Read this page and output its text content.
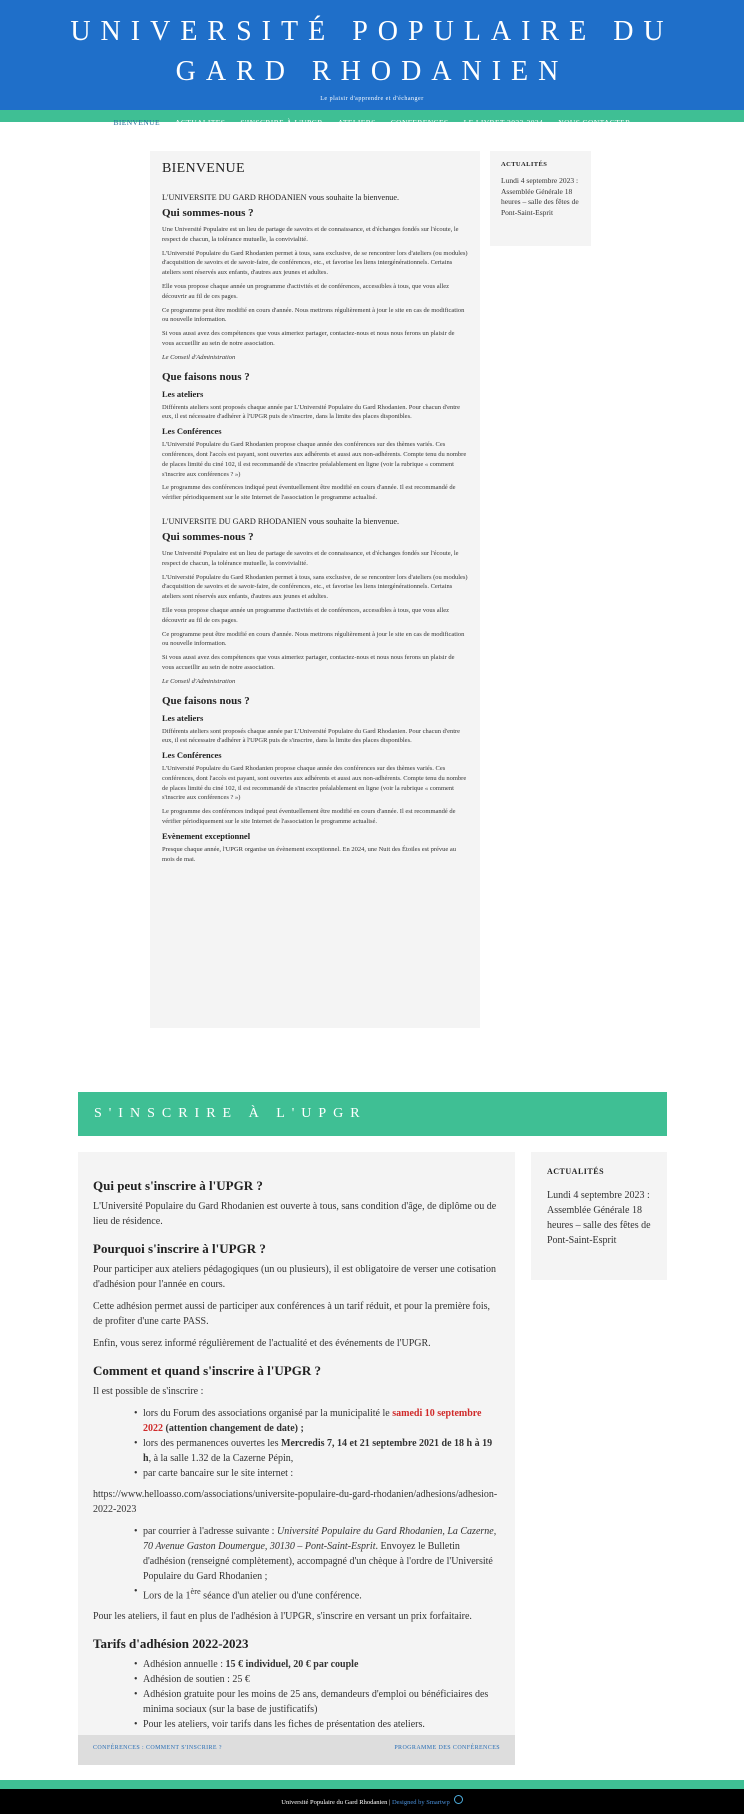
UNIVERSITÉ POPULAIRE DU
GARD RHODANIEN
Le plaisir d'apprendre et d'échanger
BIENVENUE ACTUALITES S'INSCRIRE À L'UPGR ATELIERS CONFERENCES LE LIVRET 2023-2024 NOUS CONTACTER
BIENVENUE
L'UNIVERSITE DU GARD RHODANIEN vous souhaite la bienvenue.
Qui sommes-nous ?

Une Université Populaire est un lieu de partage de savoirs et de connaissance, et d'échanges fondés sur l'écoute, le respect de chacun, la tolérance mutuelle, la convivialité.

L'Université Populaire du Gard Rhodanien permet à tous, sans exclusive, de se rencontrer lors d'ateliers (ou modules) d'acquisition de savoirs et de savoir-faire, de conférences, etc., et favorise les liens intergénérationnels. Certains ateliers sont réservés aux enfants, d'autres aux jeunes et adultes.

Elle vous propose chaque année un programme d'activités et de conférences, accessibles à tous, que vous allez découvrir au fil de ces pages.

Ce programme peut être modifié en cours d'année. Nous mettrons régulièrement à jour le site en cas de modification ou nouvelle information.

Si vous aussi avez des compétences que vous aimeriez partager, contactez-nous et nous nous ferons un plaisir de vous accueillir au sein de notre association.

Le Conseil d'Administration

Que faisons nous ?
Les ateliers

Différents ateliers sont proposés chaque année par L'Université Populaire du Gard Rhodanien. Pour chacun d'entre eux, il est nécessaire d'adhérer à l'UPGR puis de s'inscrire, dans la limite des places disponibles.

Les Conférences

L'Université Populaire du Gard Rhodanien propose chaque année des conférences sur des thèmes variés. Ces conférences, dont l'accès est payant, sont ouvertes aux adhérents et aussi aux non-adhérents. Compte tenu du nombre de places limité du ciné 102, il est recommandé de s'inscrire préalablement en ligne (voir la rubrique « comment s'inscrire aux conférences ? »)

Le programme des conférences indiqué peut éventuellement être modifié en cours d'année. Il est recommandé de vérifier périodiquement sur le site Internet de l'association le programme actualisé.

L'UNIVERSITE DU GARD RHODANIEN vous souhaite la bienvenue.
Qui sommes-nous ?

Une Université Populaire est un lieu de partage de savoirs et de connaissance, et d'échanges fondés sur l'écoute, le respect de chacun, la tolérance mutuelle, la convivialité.

L'Université Populaire du Gard Rhodanien permet à tous, sans exclusive, de se rencontrer lors d'ateliers (ou modules) d'acquisition de savoirs et de savoir-faire, de conférences, etc., et favorise les liens intergénérationnels. Certains ateliers sont réservés aux enfants, d'autres aux jeunes et adultes.

Elle vous propose chaque année un programme d'activités et de conférences, accessibles à tous, que vous allez découvrir au fil de ces pages.

Ce programme peut être modifié en cours d'année. Nous mettrons régulièrement à jour le site en cas de modification ou nouvelle information.

Si vous aussi avez des compétences que vous aimeriez partager, contactez-nous et nous nous ferons un plaisir de vous accueillir au sein de notre association.

Le Conseil d'Administration

Que faisons nous ?
Les ateliers

Différents ateliers sont proposés chaque année par L'Université Populaire du Gard Rhodanien. Pour chacun d'entre eux, il est nécessaire d'adhérer à l'UPGR puis de s'inscrire, dans la limite des places disponibles.

Les Conférences

L'Université Populaire du Gard Rhodanien propose chaque année des conférences sur des thèmes variés. Ces conférences, dont l'accès est payant, sont ouvertes aux adhérents et aussi aux non-adhérents. Compte tenu du nombre de places limité du ciné 102, il est recommandé de s'inscrire préalablement en ligne (voir la rubrique « comment s'inscrire aux conférences ? »)

Le programme des conférences indiqué peut éventuellement être modifié en cours d'année. Il est recommandé de vérifier périodiquement sur le site Internet de l'association le programme actualisé.

Evènement exceptionnel

Presque chaque année, l'UPGR organise un évènement exceptionnel. En 2024, une Nuit des Étoiles est prévue au mois de mai.

ACTUALITÉS
Lundi 4 septembre 2023 : Assemblée Générale 18 heures – salle des fêtes de Pont-Saint-Esprit
S'INSCRIRE À L'UPGR
Qui peut s'inscrire à l'UPGR ?

L'Université Populaire du Gard Rhodanien est ouverte à tous, sans condition d'âge, de diplôme ou de lieu de résidence.

Pourquoi s'inscrire à l'UPGR ?

Pour participer aux ateliers pédagogiques (un ou plusieurs), il est obligatoire de verser une cotisation d'adhésion pour l'année en cours.

Cette adhésion permet aussi de participer aux conférences à un tarif réduit, et pour la première fois, de profiter d'une carte PASS.

Enfin, vous serez informé régulièrement de l'actualité et des événements de l'UPGR.

Comment et quand s'inscrire à l'UPGR ?

Il est possible de s'inscrire :

• lors du Forum des associations organisé par la municipalité le samedi 10 septembre 2022 (attention changement de date) ;
• lors des permanences ouvertes les Mercredis 7, 14 et 21 septembre 2021 de 18 h à 19 h, à la salle 1.32 de la Cazerne Pépin,
• par carte bancaire sur le site internet :

https://www.helloasso.com/associations/universite-populaire-du-gard-rhodanien/adhesions/adhesion-2022-2023

• par courrier à l'adresse suivante : Université Populaire du Gard Rhodanien, La Cazerne, 70 Avenue Gaston Doumergue, 30130 – Pont-Saint-Esprit. Envoyez le Bulletin d'adhésion (renseigné complètement), accompagné d'un chèque à l'ordre de l'Université Populaire du Gard Rhodanien ;
• Lors de la 1ère séance d'un atelier ou d'une conférence.

Pour les ateliers, il faut en plus de l'adhésion à l'UPGR, s'inscrire en versant un prix forfaitaire.

Tarifs d'adhésion 2022-2023
• Adhésion annuelle : 15 € individuel, 20 € par couple
• Adhésion de soutien : 25 €
• Adhésion gratuite pour les moins de 25 ans, demandeurs d'emploi ou bénéficiaires des minima sociaux (sur la base de justificatifs)
• Pour les ateliers, voir tarifs dans les fiches de présentation des ateliers.
CONFÉRENCES : COMMENT S'INSCRIRE ?	PROGRAMME DES CONFÉRENCES
ACTUALITÉS
Lundi 4 septembre 2023 : Assemblée Générale 18 heures – salle des fêtes de Pont-Saint-Esprit
Université Populaire du Gard Rhodanien | Designed by Smartwp
